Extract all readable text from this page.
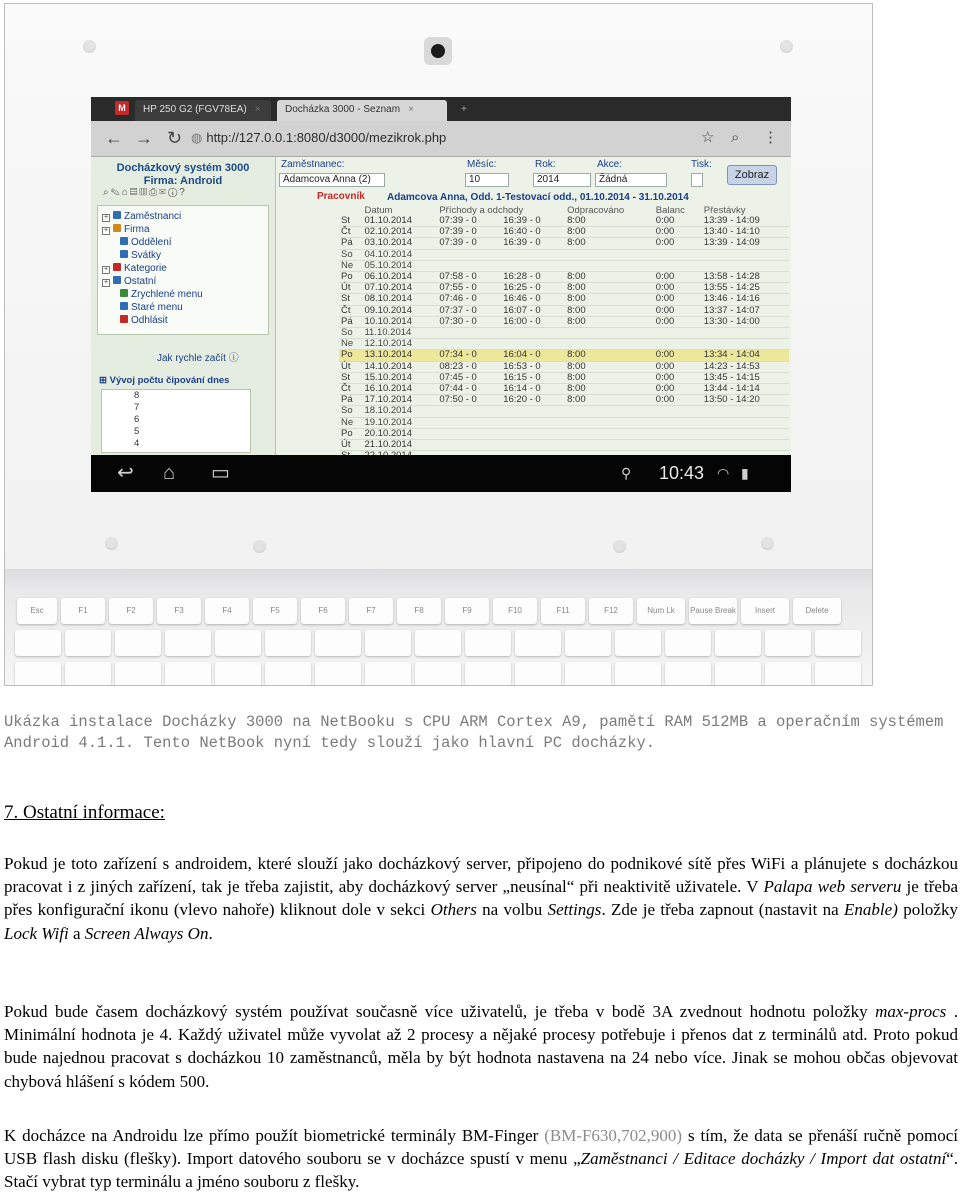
M	HP 250 G2 (FGV78EA) ×	Docházka 3000 - Seznam ×	+
← → ↻ ◍ http://127.0.0.1:8080/d3000/mezikrok.php	☆ ⌕ ⋮
Docházkový systém 3000
Firma: Android
⌕✎⌂▤▥⎙✉ⓘ?
+ Zaměstnanci
+ Firma
Oddělení
Svátky
+ Kategorie
+ Ostatní
Zrychlené menu
Staré menu
Odhlásit
Jak rychle začít ⓘ
⊞ Vývoj počtu čipování dnes
8
7
6
5
4
Zaměstnanec:
Adamcova Anna (2)
Měsíc:
10
Rok:
2014
Akce:
Žádná
Tisk:
Zobraz
Pracovník Adamcova Anna, Odd. 1-Testovací odd., 01.10.2014 - 31.10.2014
	Datum	Příchody a odchody		Odpracováno	Balanc	Přestávky
St	01.10.2014	07:39 - 0	16:39 - 0	8:00	0:00	13:39 - 14:09
Čt	02.10.2014	07:39 - 0	16:40 - 0	8:00	0:00	13:40 - 14:10
Pá	03.10.2014	07:39 - 0	16:39 - 0	8:00	0:00	13:39 - 14:09
So	04.10.2014					
Ne	05.10.2014					
Po	06.10.2014	07:58 - 0	16:28 - 0	8:00	0:00	13:58 - 14:28
Út	07.10.2014	07:55 - 0	16:25 - 0	8:00	0:00	13:55 - 14:25
St	08.10.2014	07:46 - 0	16:46 - 0	8:00	0:00	13:46 - 14:16
Čt	09.10.2014	07:37 - 0	16:07 - 0	8:00	0:00	13:37 - 14:07
Pá	10.10.2014	07:30 - 0	16:00 - 0	8:00	0:00	13:30 - 14:00
So	11.10.2014					
Ne	12.10.2014					
Po	13.10.2014	07:34 - 0	16:04 - 0	8:00	0:00	13:34 - 14:04
Út	14.10.2014	08:23 - 0	16:53 - 0	8:00	0:00	14:23 - 14:53
St	15.10.2014	07:45 - 0	16:15 - 0	8:00	0:00	13:45 - 14:15
Čt	16.10.2014	07:44 - 0	16:14 - 0	8:00	0:00	13:44 - 14:14
Pá	17.10.2014	07:50 - 0	16:20 - 0	8:00	0:00	13:50 - 14:20
So	18.10.2014					
Ne	19.10.2014					
Po	20.10.2014					
Út	21.10.2014					

↩ ⌂ ▭	⚲ 10:43 ◠ ▮
Esc	F1	F2	F3	F4	F5	F6	F7	F8	F9	F10	F11	F12	Num Lk	Pause Break	Insert	Delete
Ukázka instalace Docházky 3000 na NetBooku s CPU ARM Cortex A9, pamětí RAM 512MB a operačním systémem Android 4.1.1. Tento NetBook nyní tedy slouží jako hlavní PC docházky.
7. Ostatní informace:
Pokud je toto zařízení s androidem, které slouží jako docházkový server, připojeno do podnikové sítě přes WiFi a plánujete s docházkou pracovat i z jiných zařízení, tak je třeba zajistit, aby docházkový server „neusínal“ při neaktivitě uživatele. V Palapa web serveru je třeba přes konfigurační ikonu (vlevo nahoře) kliknout dole v sekci Others na volbu Settings. Zde je třeba zapnout (nastavit na Enable) položky Lock Wifi a Screen Always On.
Pokud bude časem docházkový systém používat současně více uživatelů, je třeba v bodě 3A zvednout hodnotu položky max-procs . Minimální hodnota je 4. Každý uživatel může vyvolat až 2 procesy a nějaké procesy potřebuje i přenos dat z terminálů atd. Proto pokud bude najednou pracovat s docházkou 10 zaměstnanců, měla by být hodnota nastavena na 24 nebo více. Jinak se mohou občas objevovat chybová hlášení s kódem 500.
K docházce na Androidu lze přímo použít biometrické terminály BM-Finger (BM-F630,702,900) s tím, že data se přenáší ručně pomocí USB flash disku (flešky). Import datového souboru se v docházce spustí v menu „Zaměstnanci / Editace docházky / Import dat ostatní“. Stačí vybrat typ terminálu a jméno souboru z flešky.
